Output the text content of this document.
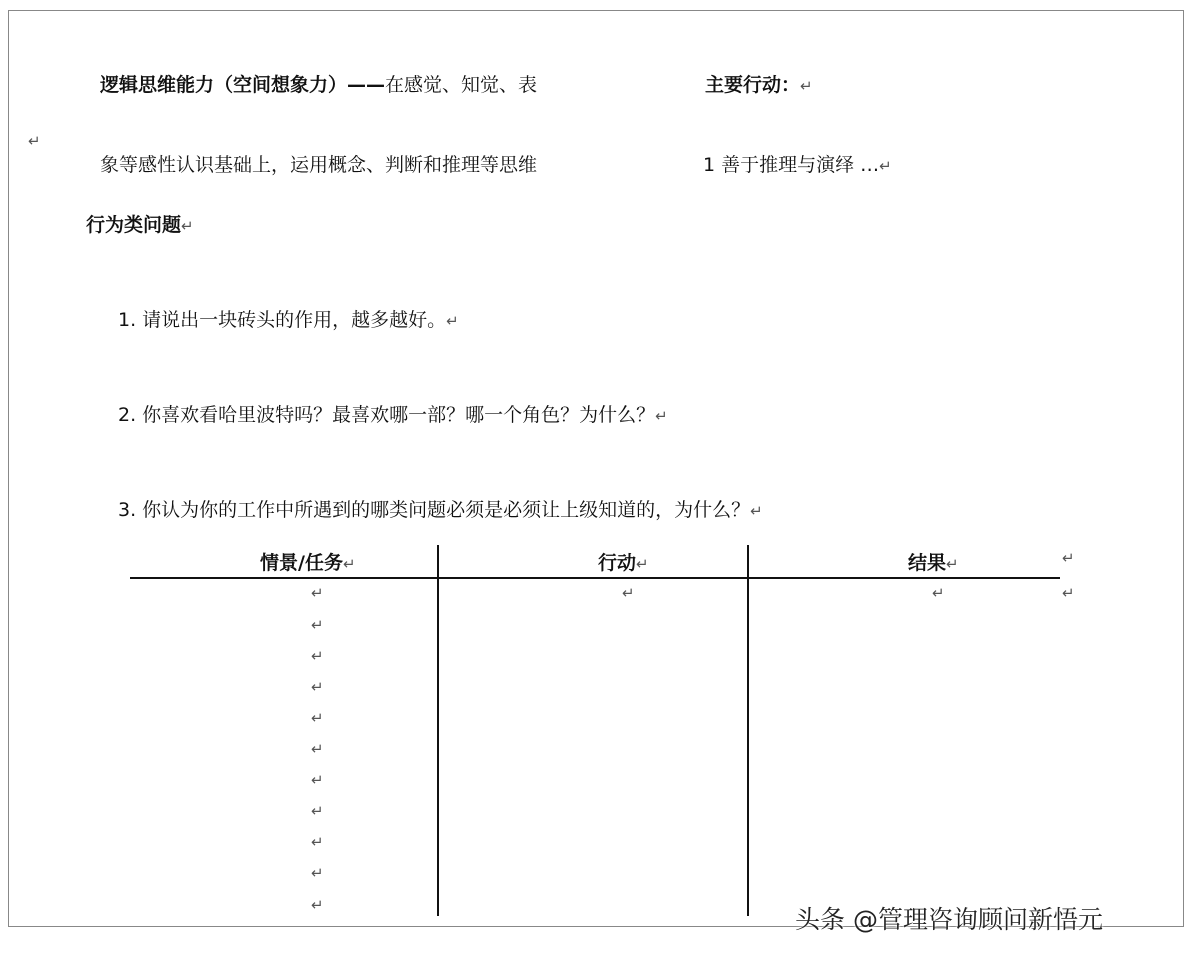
↵
逻辑思维能力（空间想象力）——在感觉、知觉、表
象等感性认识基础上，运用概念、判断和推理等思维
主要行动：↵
1 善于推理与演绎 …↵
行为类问题↵
1. 请说出一块砖头的作用，越多越好。↵
2. 你喜欢看哈里波特吗？最喜欢哪一部？哪一个角色？为什么？↵
3. 你认为你的工作中所遇到的哪类问题必须是必须让上级知道的，为什么？↵
情景/任务↵	行动↵	结果↵	↵
↵	↵	↵
↵
↵
↵
↵
↵
↵
↵
↵
↵
↵
↵	头条 @管理咨询顾问新悟元
